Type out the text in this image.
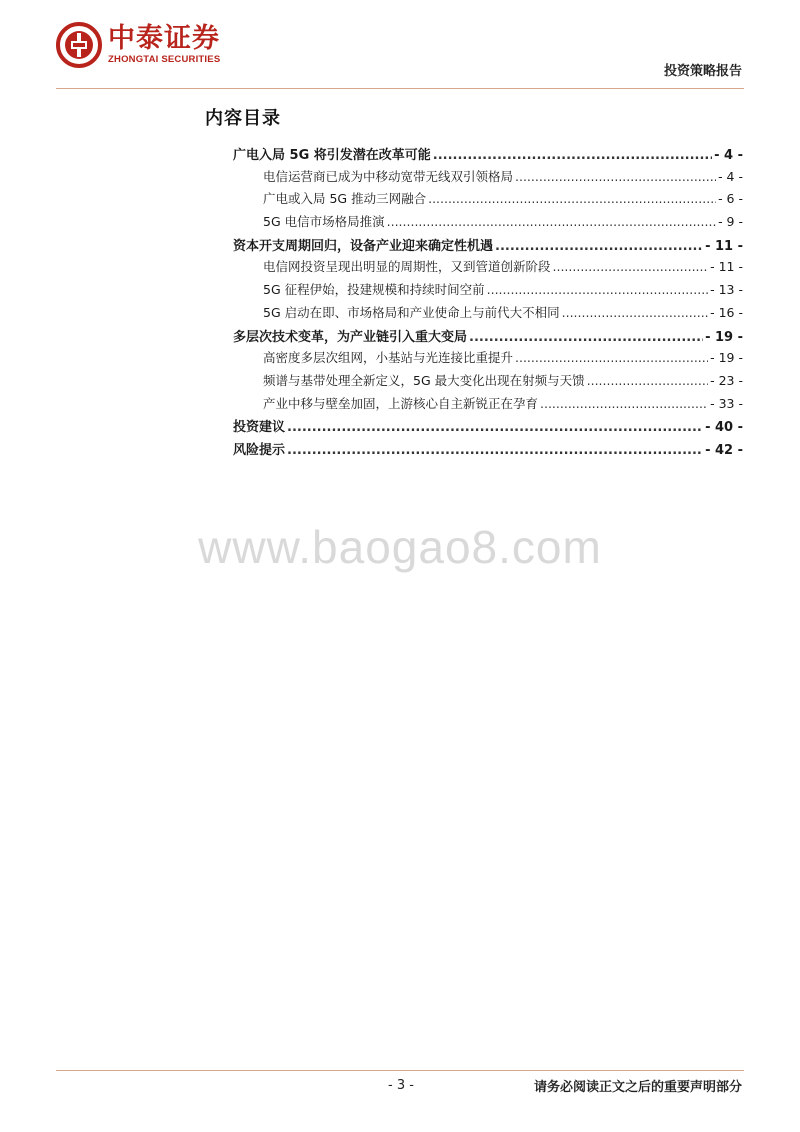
中泰证券
ZHONGTAI SECURITIES
投资策略报告
内容目录
广电入局 5G 将引发潜在改革可能 .....	- 4 -
电信运营商已成为中移动宽带无线双引领格局 .....	- 4 -
广电或入局 5G 推动三网融合 .....	- 6 -
5G 电信市场格局推演 .....	- 9 -
资本开支周期回归，设备产业迎来确定性机遇 .....	- 11 -
电信网投资呈现出明显的周期性，又到管道创新阶段 .....	- 11 -
5G 征程伊始，投建规模和持续时间空前 .....	- 13 -
5G 启动在即、市场格局和产业使命上与前代大不相同 .....	- 16 -
多层次技术变革，为产业链引入重大变局 .....	- 19 -
高密度多层次组网，小基站与光连接比重提升 .....	- 19 -
频谱与基带处理全新定义，5G 最大变化出现在射频与天馈 .....	- 23 -
产业中移与壁垒加固，上游核心自主新锐正在孕育 .....	- 33 -
投资建议 .....	- 40 -
风险提示 .....	- 42 -
www.baogao8.com
- 3 -	请务必阅读正文之后的重要声明部分
